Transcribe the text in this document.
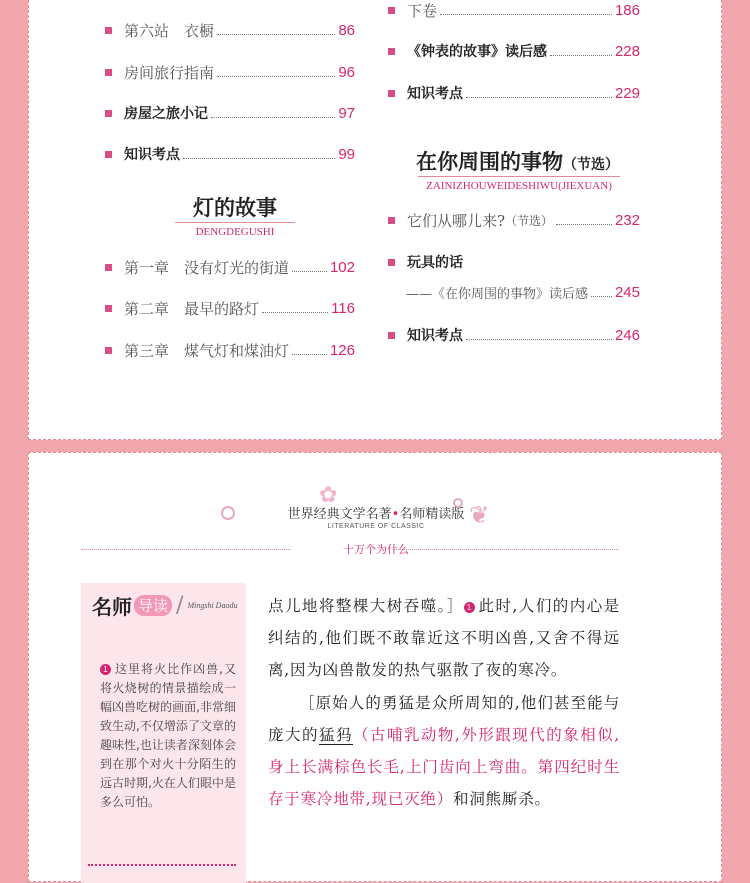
第六站　衣橱	86
房间旅行指南	96
房屋之旅小记	97
知识考点	99
灯的故事
DENGDEGUSHI
第一章　没有灯光的街道	102
第二章　最早的路灯	116
第三章　煤气灯和煤油灯	126
下卷	186
《钟表的故事》读后感	228
知识考点	229
在你周围的事物（节选）
ZAINIZHOUWEIDESHIWU(JIEXUAN)
它们从哪儿来? （节选）	232
玩具的话
——《在你周围的事物》读后感 245
知识考点	246
✿
❦
世界经典文学名著•名师精读版
LITERATURE OF CLASSIC
十万个为什么
名师 导读 / Mingshi Daodu
1 这里将火比作凶兽,又将火烧树的情景描绘成一幅凶兽吃树的画面,非常细致生动,不仅增添了文章的趣味性,也让读者深刻体会到在那个对火十分陌生的远古时期,火在人们眼中是多么可怕。

点儿地将整棵大树吞噬。］ 1 此时,人们的内心是纠结的,他们既不敢靠近这不明凶兽,又舍不得远离,因为凶兽散发的热气驱散了夜的寒冷。

［原始人的勇猛是众所周知的,他们甚至能与庞大的猛犸（古哺乳动物,外形跟现代的象相似,身上长满棕色长毛,上门齿向上弯曲。第四纪时生存于寒冷地带,现已灭绝）和洞熊厮杀。
